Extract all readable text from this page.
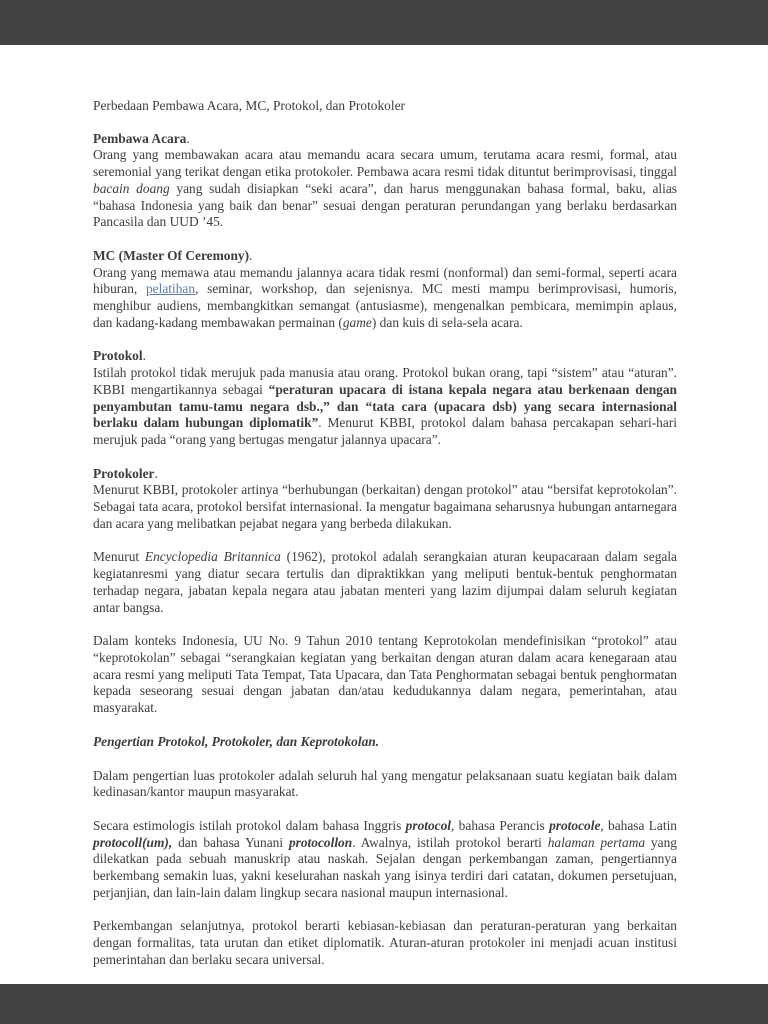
Perbedaan Pembawa Acara, MC, Protokol, dan Protokoler

Pembawa Acara.

Orang yang membawakan acara atau memandu acara secara umum, terutama acara resmi, formal, atau seremonial yang terikat dengan etika protokoler. Pembawa acara resmi tidak dituntut berimprovisasi, tinggal bacain doang yang sudah disiapkan “seki acara”, dan harus menggunakan bahasa formal, baku, alias “bahasa Indonesia yang baik dan benar” sesuai dengan peraturan perundangan yang berlaku berdasarkan Pancasila dan UUD ’45.

MC (Master Of Ceremony).

Orang yang memawa atau memandu jalannya acara tidak resmi (nonformal) dan semi-formal, seperti acara hiburan, pelatihan, seminar, workshop, dan sejenisnya. MC mesti mampu berimprovisasi, humoris, menghibur audiens, membangkitkan semangat (antusiasme), mengenalkan pembicara, memimpin aplaus, dan kadang-kadang membawakan permainan (game) dan kuis di sela-sela acara.

Protokol.

Istilah protokol tidak merujuk pada manusia atau orang. Protokol bukan orang, tapi “sistem” atau “aturan”. KBBI mengartikannya sebagai “peraturan upacara di istana kepala negara atau berkenaan dengan penyambutan tamu-tamu negara dsb.,” dan “tata cara (upacara dsb) yang secara internasional berlaku dalam hubungan diplomatik”. Menurut KBBI, protokol dalam bahasa percakapan sehari-hari merujuk pada “orang yang bertugas mengatur jalannya upacara”.

Protokoler.

Menurut KBBI, protokoler artinya “berhubungan (berkaitan) dengan protokol” atau “bersifat keprotokolan”. Sebagai tata acara, protokol bersifat internasional. Ia mengatur bagaimana seharusnya hubungan antarnegara dan acara yang melibatkan pejabat negara yang berbeda dilakukan.

Menurut Encyclopedia Britannica (1962), protokol adalah serangkaian aturan keupacaraan dalam segala kegiatanresmi yang diatur secara tertulis dan dipraktikkan yang meliputi bentuk-bentuk penghormatan terhadap negara, jabatan kepala negara atau jabatan menteri yang lazim dijumpai dalam seluruh kegiatan antar bangsa.

Dalam konteks Indonesia, UU No. 9 Tahun 2010 tentang Keprotokolan mendefinisikan “protokol” atau “keprotokolan” sebagai “serangkaian kegiatan yang berkaitan dengan aturan dalam acara kenegaraan atau acara resmi yang meliputi Tata Tempat, Tata Upacara, dan Tata Penghormatan sebagai bentuk penghormatan kepada seseorang sesuai dengan jabatan dan/atau kedudukannya dalam negara, pemerintahan, atau masyarakat.

Pengertian Protokol, Protokoler, dan Keprotokolan.

Dalam pengertian luas protokoler adalah seluruh hal yang mengatur pelaksanaan suatu kegiatan baik dalam kedinasan/kantor maupun masyarakat.

Secara estimologis istilah protokol dalam bahasa Inggris protocol, bahasa Perancis protocole, bahasa Latin protocoll(um), dan bahasa Yunani protocollon. Awalnya, istilah protokol berarti halaman pertama yang dilekatkan pada sebuah manuskrip atau naskah. Sejalan dengan perkembangan zaman, pengertiannya berkembang semakin luas, yakni keselurahan naskah yang isinya terdiri dari catatan, dokumen persetujuan, perjanjian, dan lain-lain dalam lingkup secara nasional maupun internasional.

Perkembangan selanjutnya, protokol berarti kebiasan-kebiasan dan peraturan-peraturan yang berkaitan dengan formalitas, tata urutan dan etiket diplomatik. Aturan-aturan protokoler ini menjadi acuan institusi pemerintahan dan berlaku secara universal.
